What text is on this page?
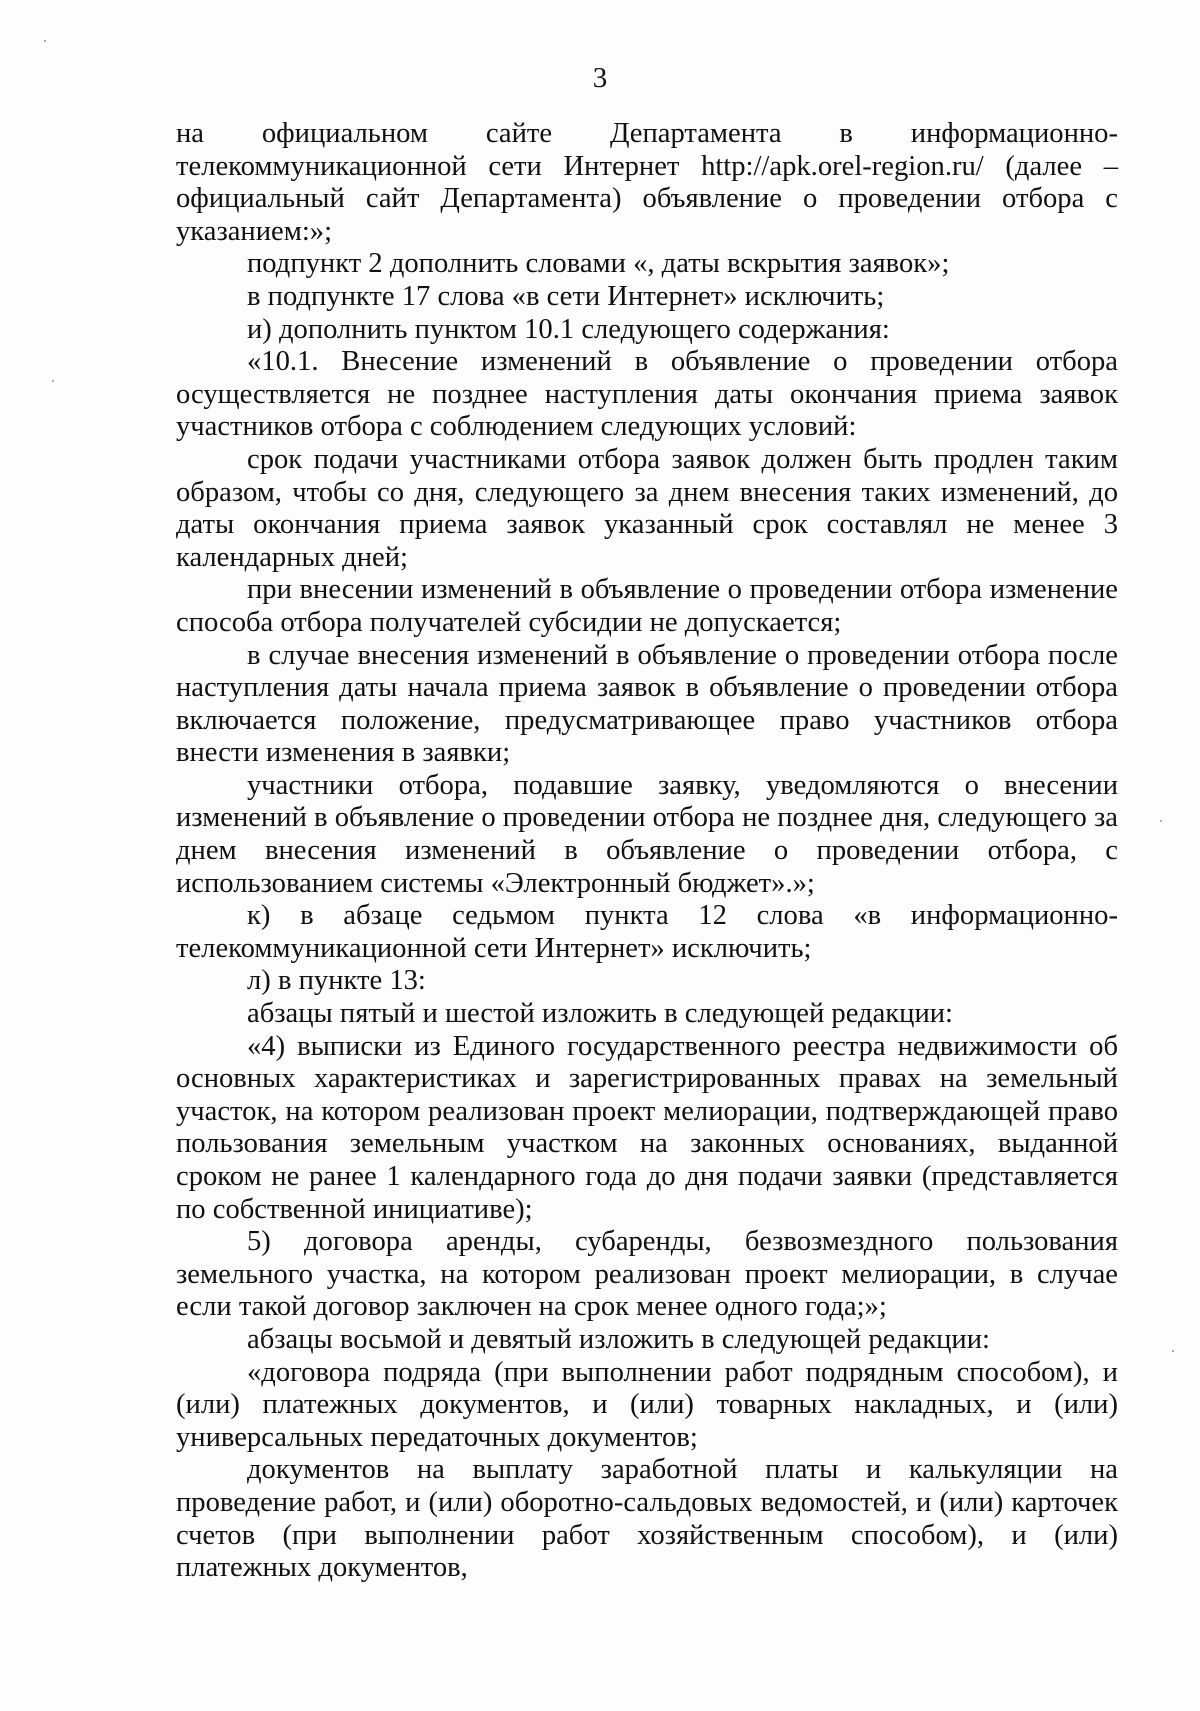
3

на официальном сайте Департамента в информационно-телекоммуникационной сети Интернет http://apk.orel-region.ru/ (далее – официальный сайт Департамента) объявление о проведении отбора с указанием:»;

подпункт 2 дополнить словами «, даты вскрытия заявок»;

в подпункте 17 слова «в сети Интернет» исключить;

и) дополнить пунктом 10.1 следующего содержания:

«10.1. Внесение изменений в объявление о проведении отбора осуществляется не позднее наступления даты окончания приема заявок участников отбора с соблюдением следующих условий:

срок подачи участниками отбора заявок должен быть продлен таким образом, чтобы со дня, следующего за днем внесения таких изменений, до даты окончания приема заявок указанный срок составлял не менее 3 календарных дней;

при внесении изменений в объявление о проведении отбора изменение способа отбора получателей субсидии не допускается;

в случае внесения изменений в объявление о проведении отбора после наступления даты начала приема заявок в объявление о проведении отбора включается положение, предусматривающее право участников отбора внести изменения в заявки;

участники отбора, подавшие заявку, уведомляются о внесении изменений в объявление о проведении отбора не позднее дня, следующего за днем внесения изменений в объявление о проведении отбора, с использованием системы «Электронный бюджет».»;

к) в абзаце седьмом пункта 12 слова «в информационно-телекоммуникационной сети Интернет» исключить;

л) в пункте 13:

абзацы пятый и шестой изложить в следующей редакции:

«4) выписки из Единого государственного реестра недвижимости об основных характеристиках и зарегистрированных правах на земельный участок, на котором реализован проект мелиорации, подтверждающей право пользования земельным участком на законных основаниях, выданной сроком не ранее 1 календарного года до дня подачи заявки (представляется по собственной инициативе);

5) договора аренды, субаренды, безвозмездного пользования земельного участка, на котором реализован проект мелиорации, в случае если такой договор заключен на срок менее одного года;»;

абзацы восьмой и девятый изложить в следующей редакции:

«договора подряда (при выполнении работ подрядным способом), и (или) платежных документов, и (или) товарных накладных, и (или) универсальных передаточных документов;

документов на выплату заработной платы и калькуляции на проведение работ, и (или) оборотно-сальдовых ведомостей, и (или) карточек счетов (при выполнении работ хозяйственным способом), и (или) платежных документов,
